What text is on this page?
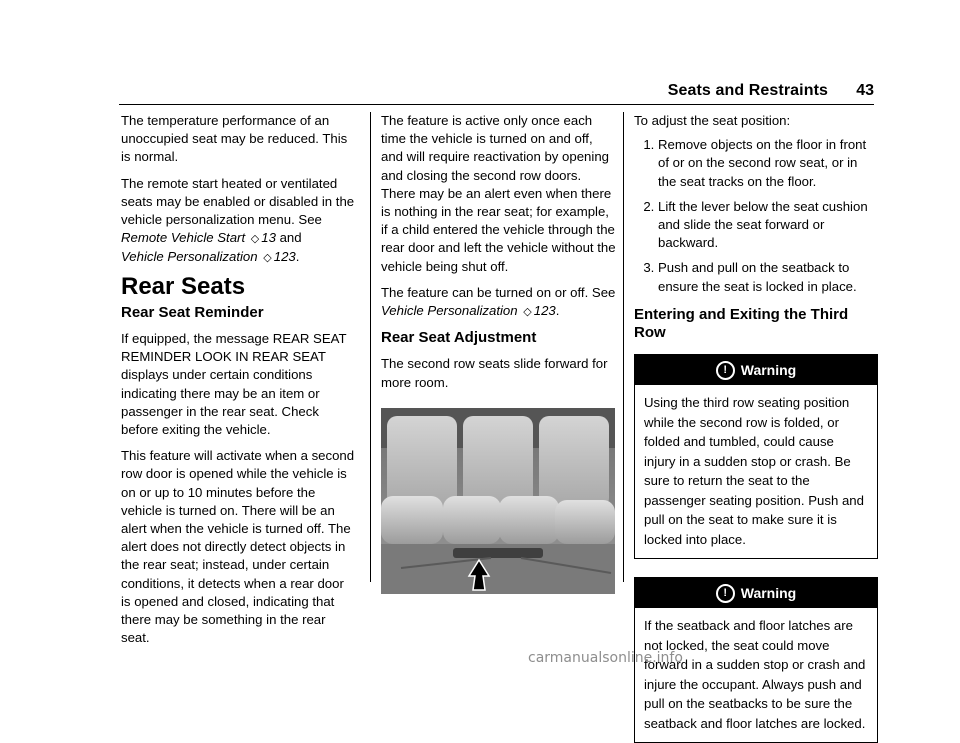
Seats and Restraints 43

The temperature performance of an unoccupied seat may be reduced. This is normal.

The remote start heated or ventilated seats may be enabled or disabled in the vehicle personalization menu. See Remote Vehicle Start ◇ 13 and
Vehicle Personalization ◇ 123.

Rear Seats
Rear Seat Reminder

If equipped, the message REAR SEAT REMINDER LOOK IN REAR SEAT displays under certain conditions indicating there may be an item or passenger in the rear seat. Check before exiting the vehicle.

This feature will activate when a second row door is opened while the vehicle is on or up to 10 minutes before the vehicle is turned on. There will be an alert when the vehicle is turned off. The alert does not directly detect objects in the rear seat; instead, under certain conditions, it detects when a rear door is opened and closed, indicating that there may be something in the rear seat.

The feature is active only once each time the vehicle is turned on and off, and will require reactivation by opening and closing the second row doors. There may be an alert even when there is nothing in the rear seat; for example, if a child entered the vehicle through the rear door and left the vehicle without the vehicle being shut off.

The feature can be turned on or off. See
Vehicle Personalization ◇ 123.

Rear Seat Adjustment

The second row seats slide forward for more room.

To adjust the seat position:

1. Remove objects on the floor in front of or on the second row seat, or in the seat tracks on the floor.
2. Lift the lever below the seat cushion and slide the seat forward or backward.
3. Push and pull on the seatback to ensure the seat is locked in place.
Entering and Exiting the Third Row
! Warning
Using the third row seating position while the second row is folded, or folded and tumbled, could cause injury in a sudden stop or crash. Be sure to return the seat to the passenger seating position. Push and pull on the seat to make sure it is locked into place.
! Warning
If the seatback and floor latches are not locked, the seat could move forward in a sudden stop or crash and injure the occupant. Always push and pull on the seatbacks to be sure the seatback and floor latches are locked.
carmanualsonline.info
